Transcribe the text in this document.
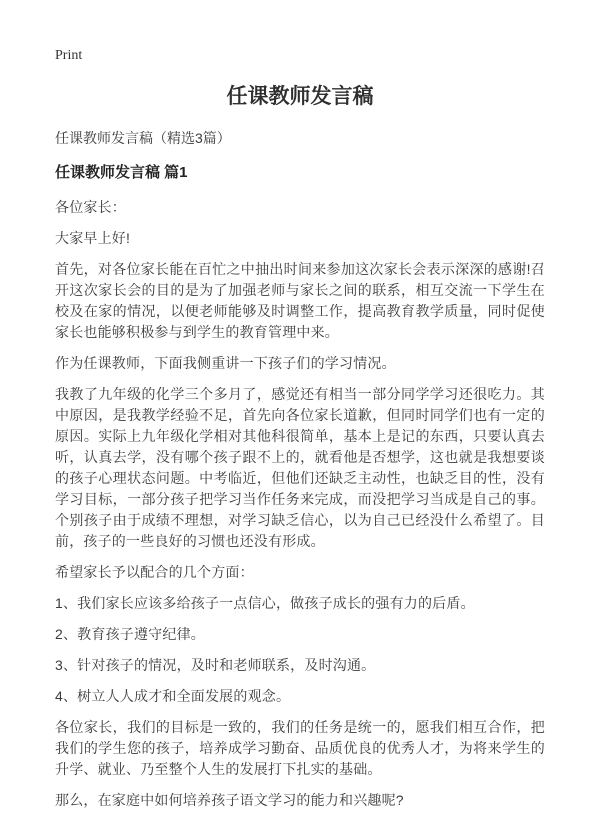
Print
任课教师发言稿

任课教师发言稿（精选3篇）

任课教师发言稿 篇1

各位家长：

大家早上好!

首先，对各位家长能在百忙之中抽出时间来参加这次家长会表示深深的感谢!召开这次家长会的目的是为了加强老师与家长之间的联系，相互交流一下学生在校及在家的情况，以便老师能够及时调整工作，提高教育教学质量，同时促使家长也能够积极参与到学生的教育管理中来。

作为任课教师，下面我侧重讲一下孩子们的学习情况。

我教了九年级的化学三个多月了，感觉还有相当一部分同学学习还很吃力。其中原因，是我教学经验不足，首先向各位家长道歉，但同时同学们也有一定的原因。实际上九年级化学相对其他科很简单，基本上是记的东西，只要认真去听，认真去学，没有哪个孩子跟不上的，就看他是否想学，这也就是我想要谈的孩子心理状态问题。中考临近，但他们还缺乏主动性，也缺乏目的性，没有学习目标，一部分孩子把学习当作任务来完成，而没把学习当成是自己的事。个别孩子由于成绩不理想，对学习缺乏信心，以为自己已经没什么希望了。目前，孩子的一些良好的习惯也还没有形成。

希望家长予以配合的几个方面：

1、我们家长应该多给孩子一点信心，做孩子成长的强有力的后盾。

2、教育孩子遵守纪律。

3、针对孩子的情况，及时和老师联系，及时沟通。

4、树立人人成才和全面发展的观念。

各位家长，我们的目标是一致的，我们的任务是统一的，愿我们相互合作，把我们的学生您的孩子，培养成学习勤奋、品质优良的优秀人才，为将来学生的升学、就业、乃至整个人生的发展打下扎实的基础。

那么，在家庭中如何培养孩子语文学习的能力和兴趣呢?
